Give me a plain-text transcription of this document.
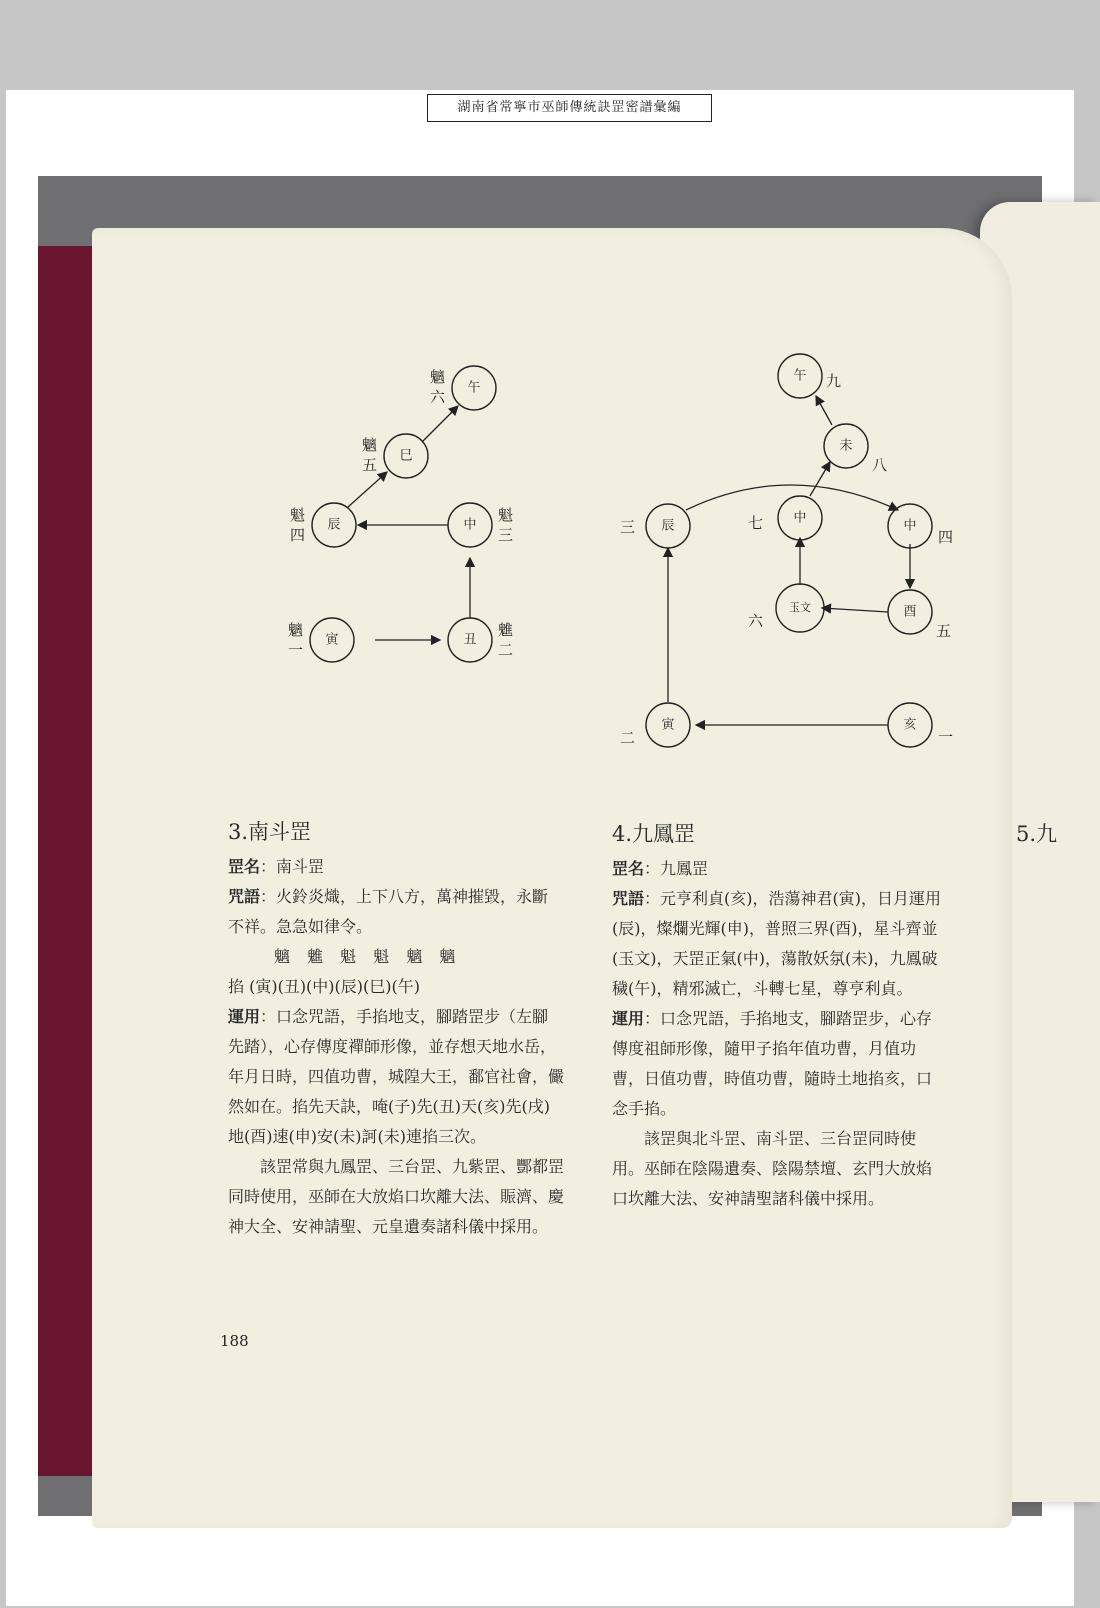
湖南省常寧市巫師傳統訣罡密譜彙編
午
巳
辰	中
寅	丑
魑
六
魑
五
魁
四
魁
三
魑
一
魋
二
午
未
辰
中
中
玉文	酉
寅	亥
九
八
三	七
四
六
五
二	一
3.南斗罡
罡名：南斗罡
咒語：火鈴炎熾，上下八方，萬神摧毀，永斷不祥。急急如律令。
魑 魋 魁 魁 魑 魑
掐 (寅)(丑)(中)(辰)(巳)(午)
運用：口念咒語，手掐地支，腳踏罡步（左腳先踏），心存傳度禪師形像，並存想天地水岳，年月日時，四值功曹，城隍大王，鄱官社會，儼然如在。掐先天訣，唵(子)先(丑)天(亥)先(戌)地(酉)速(申)安(未)訶(未)連掐三次。
該罡常與九鳳罡、三台罡、九紫罡、酆都罡同時使用，巫師在大放焰口坎離大法、賑濟、慶神大全、安神請聖、元皇遺奏諸科儀中採用。
4.九鳳罡
罡名：九鳳罡
咒語：元亨利貞(亥)，浩蕩神君(寅)，日月運用(辰)，燦爛光輝(申)，普照三界(酉)，星斗齊並(玉文)，天罡正氣(中)，蕩散妖氛(未)，九鳳破穢(午)，精邪滅亡，斗轉七星，尊亨利貞。
運用：口念咒語，手掐地支，腳踏罡步，心存傳度祖師形像，隨甲子掐年值功曹，月值功曹，日值功曹，時值功曹，隨時土地掐亥，口念手掐。
該罡與北斗罡、南斗罡、三台罡同時使用。巫師在陰陽遺奏、陰陽禁壇、玄門大放焰口坎離大法、安神請聖諸科儀中採用。
5.九
188
